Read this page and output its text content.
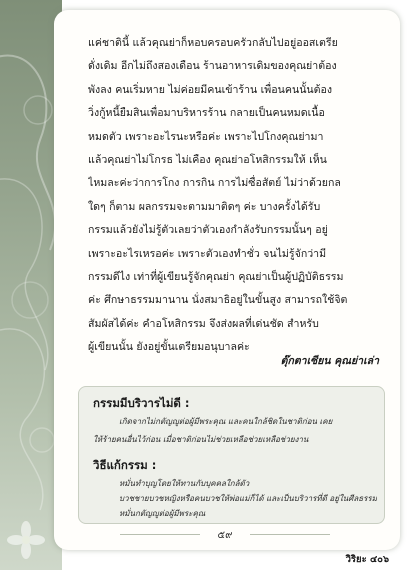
แค่ชาตินี้ แล้วคุณย่าก็หอบครอบครัวกลับไปอยู่ออสเตรีย
ดั่งเดิม อีกไม่ถึงสองเดือน ร้านอาหารเดิมของคุณย่าต้อง
พังลง คนเริ่มหาย ไม่ค่อยมีคนเข้าร้าน เพื่อนคนนั้นต้อง
วิ่งกู้หนี้ยืมสินเพื่อมาบริหารร้าน กลายเป็นคนหมดเนื้อ
หมดตัว เพราะอะไรนะหรือค่ะ เพราะไปโกงคุณย่ามา
แล้วคุณย่าไม่โกรธ ไม่เคือง คุณย่าอโหสิกรรมให้ เห็น
ไหมละค่ะว่าการโกง การกิน การไม่ซื่อสัตย์ ไม่ว่าด้วยกล
ใดๆ ก็ตาม ผลกรรมจะตามมาติดๆ ค่ะ บางครั้งได้รับ
กรรมแล้วยังไม่รู้ตัวเลยว่าตัวเองกำลังรับกรรมนั้นๆ อยู่
เพราะอะไรเหรอค่ะ เพราะตัวเองทำชั่ว จนไม่รู้จักว่ามี
กรรมดีไง เท่าที่ผู้เขียนรู้จักคุณย่า คุณย่าเป็นผู้ปฏิบัติธรรม
ค่ะ ศึกษาธรรมมานาน นั่งสมาธิอยู่ในขั้นสูง สามารถใช้จิต
สัมผัสได้ค่ะ คำอโหสิกรรม จึงส่งผลที่เด่นชัด สำหรับ
ผู้เขียนนั้น ยังอยู่ขั้นเตรียมอนุบาลค่ะ
ตุ๊กตาเซียน คุณย่าเล่า
กรรมมีบริวารไม่ดี :
เกิดจากไม่กตัญญูต่อผู้มีพระคุณ และคนใกล้ชิดในชาติก่อน เคย
ให้ร้ายคนอื่นไว้ก่อน เมื่อชาติก่อนไม่ช่วยเหลือช่วยเหลือช่วยงาน
วิธีแก้กรรม :
หมั่นทำบุญโดยให้ทานกับบุคคลใกล้ตัว
บวชชายบวชหญิงหรือคนบวชให้พ่อแม่ก็ได้ และเป็นบริวารที่ดี อยู่ในศีลธรรม
หมั่นกตัญญูต่อผู้มีพระคุณ
๕๙
วิริยะ ๔๐๖
